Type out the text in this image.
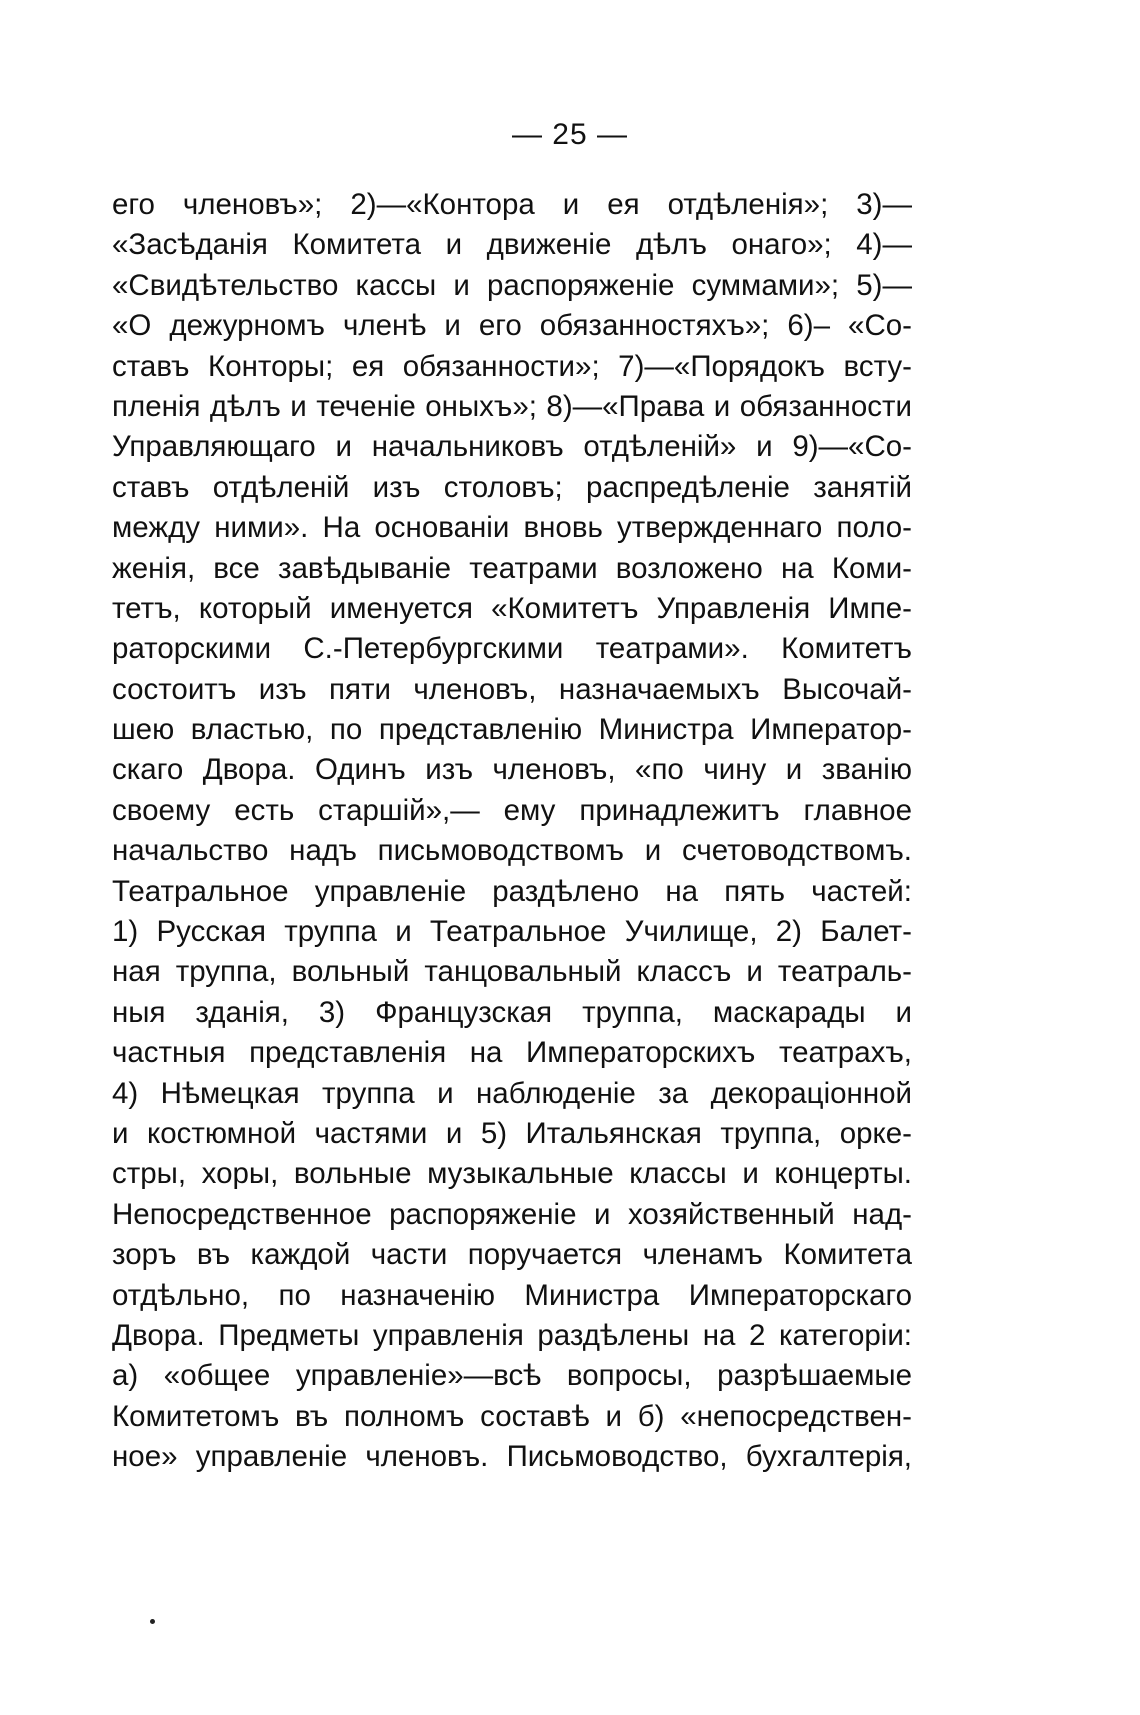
— 25 —
его членовъ»; 2)—«Контора и ея отдѣленія»; 3)—
«Засѣданія Комитета и движеніе дѣлъ онаго»; 4)—
«Свидѣтельство кассы и распоряженіе суммами»; 5)—
«О дежурномъ членѣ и его обязанностяхъ»; 6)– «Со-
ставъ Конторы; ея обязанности»; 7)—«Порядокъ всту-
пленія дѣлъ и теченіе оныхъ»; 8)—«Права и обязанности
Управляющаго и начальниковъ отдѣленій» и 9)—«Со-
ставъ отдѣленій изъ столовъ; распредѣленіе занятій
между ними». На основаніи вновь утвержденнаго поло-
женія, все завѣдываніе театрами возложено на Коми-
тетъ, который именуется «Комитетъ Управленія Импе-
раторскими С.-Петербургскими театрами». Комитетъ
состоитъ изъ пяти членовъ, назначаемыхъ Высочай-
шею властью, по представленію Министра Император-
скаго Двора. Одинъ изъ членовъ, «по чину и званію
своему есть старшій»,— ему принадлежитъ главное
начальство надъ письмоводствомъ и счетоводствомъ.
Театральное управленіе раздѣлено на пять частей:
1) Русская труппа и Театральное Училище, 2) Балет-
ная труппа, вольный танцовальный классъ и театраль-
ныя зданія, 3) Французская труппа, маскарады и
частныя представленія на Императорскихъ театрахъ,
4) Нѣмецкая труппа и наблюденіе за декораціонной
и костюмной частями и 5) Итальянская труппа, орке-
стры, хоры, вольные музыкальные классы и концерты.
Непосредственное распоряженіе и хозяйственный над-
зоръ въ каждой части поручается членамъ Комитета
отдѣльно, по назначенію Министра Императорскаго
Двора. Предметы управленія раздѣлены на 2 категоріи:
а) «общее управленіе»—всѣ вопросы, разрѣшаемые
Комитетомъ въ полномъ составѣ и б) «непосредствен-
ное» управленіе членовъ. Письмоводство, бухгалтерія,
